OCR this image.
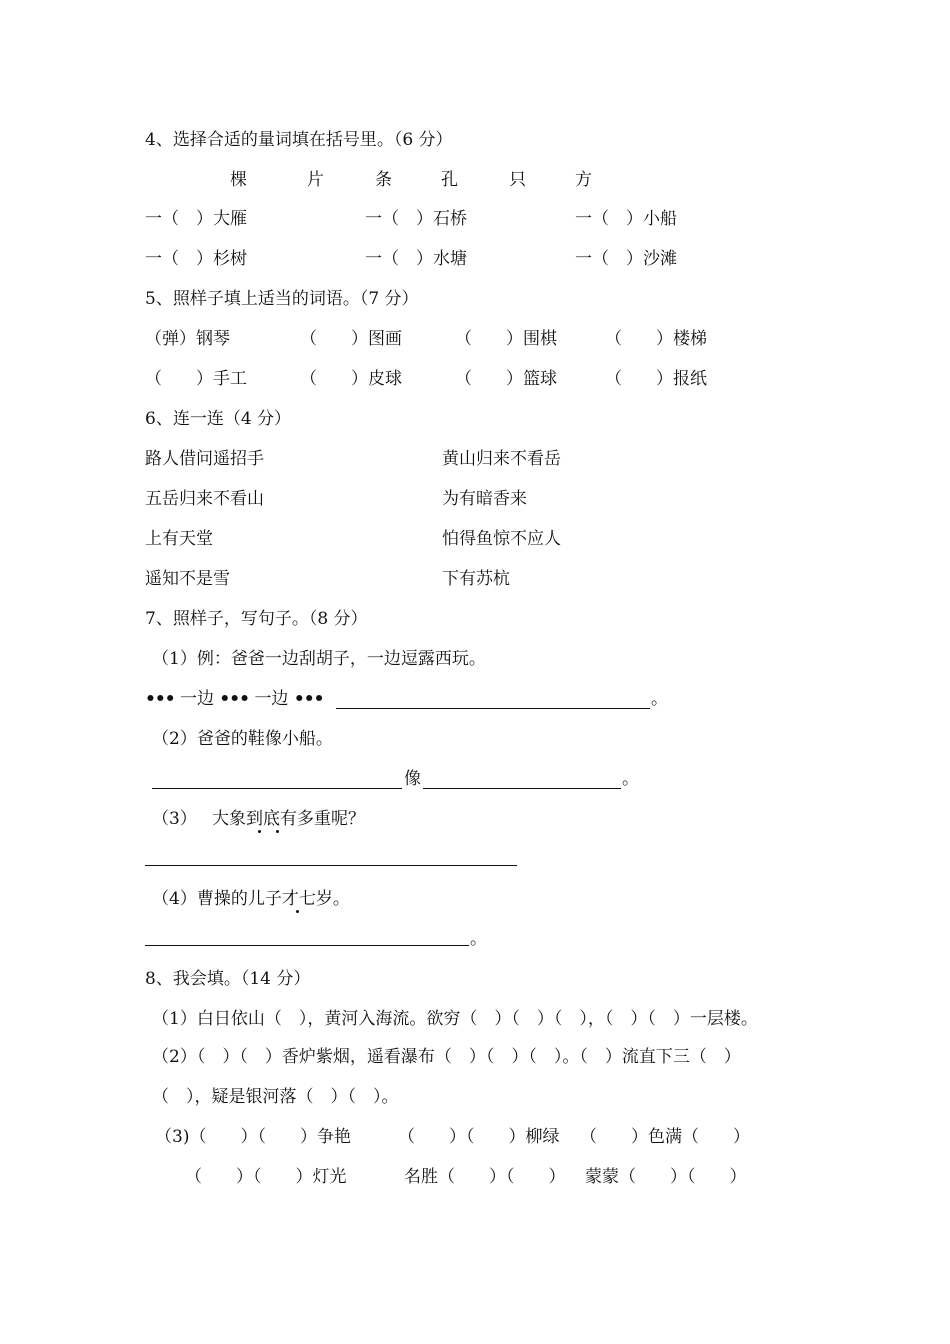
4、选择合适的量词填在括号里。（6 分）
棵	片	条	孔	只	方
一（　）大雁	一（　）石桥	一（　）小船
一（　）杉树	一（　）水塘	一（　）沙滩
5、照样子填上适当的词语。（7 分）
（弹）钢琴	（　　）图画	（　　）围棋	（　　）楼梯
（　　）手工	（　　）皮球	（　　）篮球	（　　）报纸
6、连一连（4 分）
路人借问遥招手
五岳归来不看山
上有天堂
遥知不是雪
黄山归来不看岳
为有暗香来
怕得鱼惊不应人
下有苏杭
7、照样子，写句子。（8 分）
（1）例：爸爸一边刮胡子，一边逗露西玩。
••• 一边 ••• 一边 •••	。
（2）爸爸的鞋像小船。
像	。
（3） 大象到底有多重呢？
（4）曹操的儿子才七岁。
。
8、我会填。（14 分）
（1）白日依山（　），黄河入海流。欲穷（　）（　）（　），（　）（　）一层楼。
（2）（　）（　）香炉紫烟，遥看瀑布（　）（　）（　）。（　）流直下三（　）
（　），疑是银河落（　）（　）。
（3)（　　）（　　）争艳	（　　）（　　）柳绿 （　　）色满（　　）
（　　）（　　）灯光	名胜（　　）（　　） 蒙蒙（　　）（　　）
